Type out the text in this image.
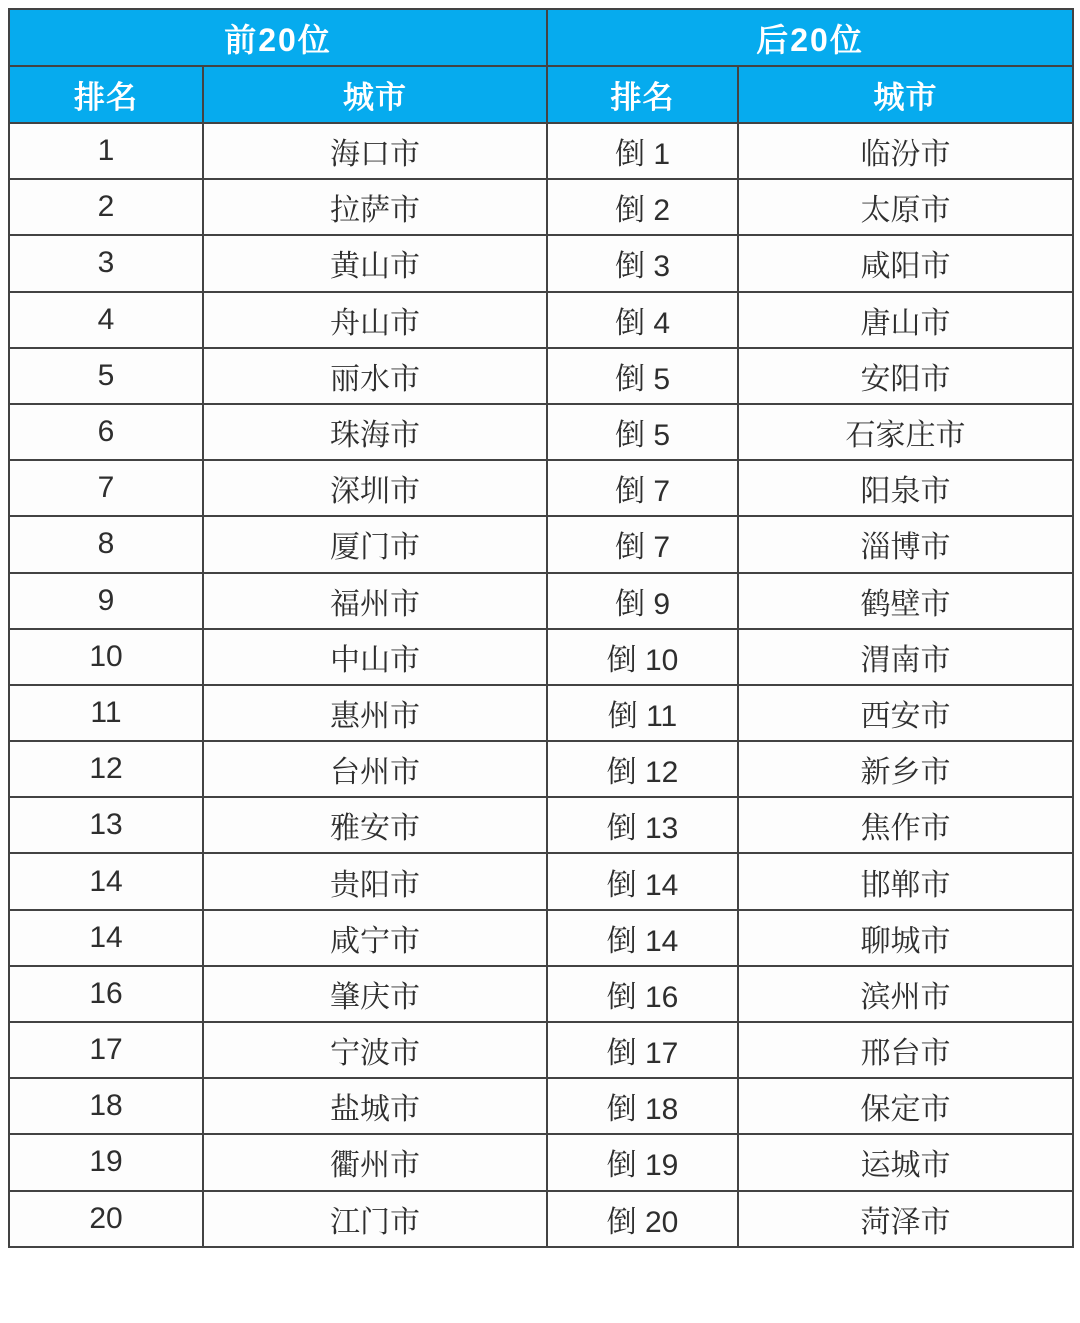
前20位		后20位	
排名	城市	排名	城市
1	海口市	倒 1	临汾市
2	拉萨市	倒 2	太原市
3	黄山市	倒 3	咸阳市
4	舟山市	倒 4	唐山市
5	丽水市	倒 5	安阳市
6	珠海市	倒 5	石家庄市
7	深圳市	倒 7	阳泉市
8	厦门市	倒 7	淄博市
9	福州市	倒 9	鹤壁市
10	中山市	倒 10	渭南市
11	惠州市	倒 11	西安市
12	台州市	倒 12	新乡市
13	雅安市	倒 13	焦作市
14	贵阳市	倒 14	邯郸市
14	咸宁市	倒 14	聊城市
16	肇庆市	倒 16	滨州市
17	宁波市	倒 17	邢台市
18	盐城市	倒 18	保定市
19	衢州市	倒 19	运城市
20	江门市	倒 20	菏泽市
